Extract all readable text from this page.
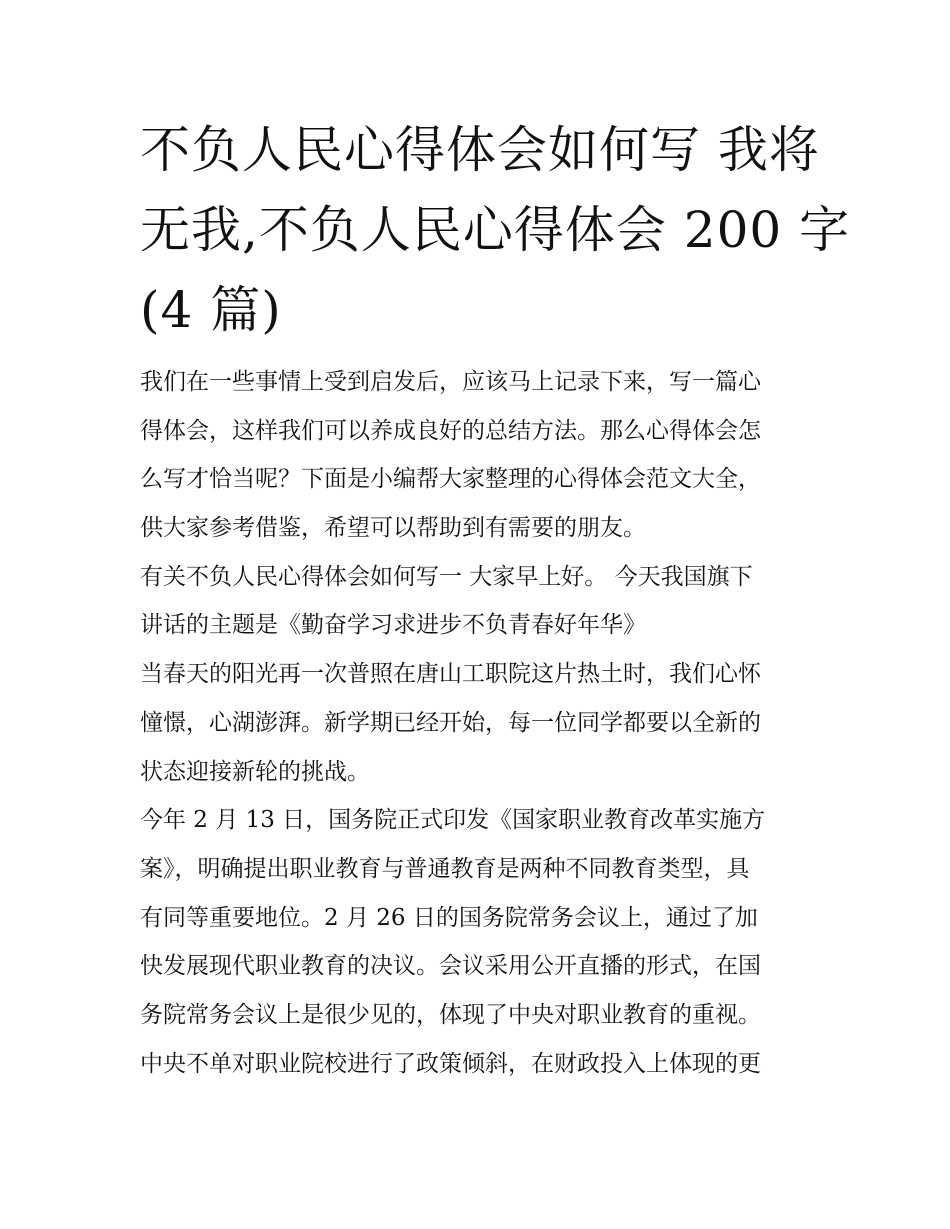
不负人民心得体会如何写 我将
无我,不负人民心得体会 200 字
(4 篇)
我们在一些事情上受到启发后，应该马上记录下来，写一篇心
得体会，这样我们可以养成良好的总结方法。那么心得体会怎
么写才恰当呢？下面是小编帮大家整理的心得体会范文大全，
供大家参考借鉴，希望可以帮助到有需要的朋友。
有关不负人民心得体会如何写一 大家早上好。 今天我国旗下
讲话的主题是《勤奋学习求进步不负青春好年华》
当春天的阳光再一次普照在唐山工职院这片热土时，我们心怀
憧憬，心湖澎湃。新学期已经开始，每一位同学都要以全新的
状态迎接新轮的挑战。
今年 2 月 13 日，国务院正式印发《国家职业教育改革实施方
案》，明确提出职业教育与普通教育是两种不同教育类型，具
有同等重要地位。2 月 26 日的国务院常务会议上，通过了加
快发展现代职业教育的决议。会议采用公开直播的形式，在国
务院常务会议上是很少见的，体现了中央对职业教育的重视。
中央不单对职业院校进行了政策倾斜，在财政投入上体现的更
